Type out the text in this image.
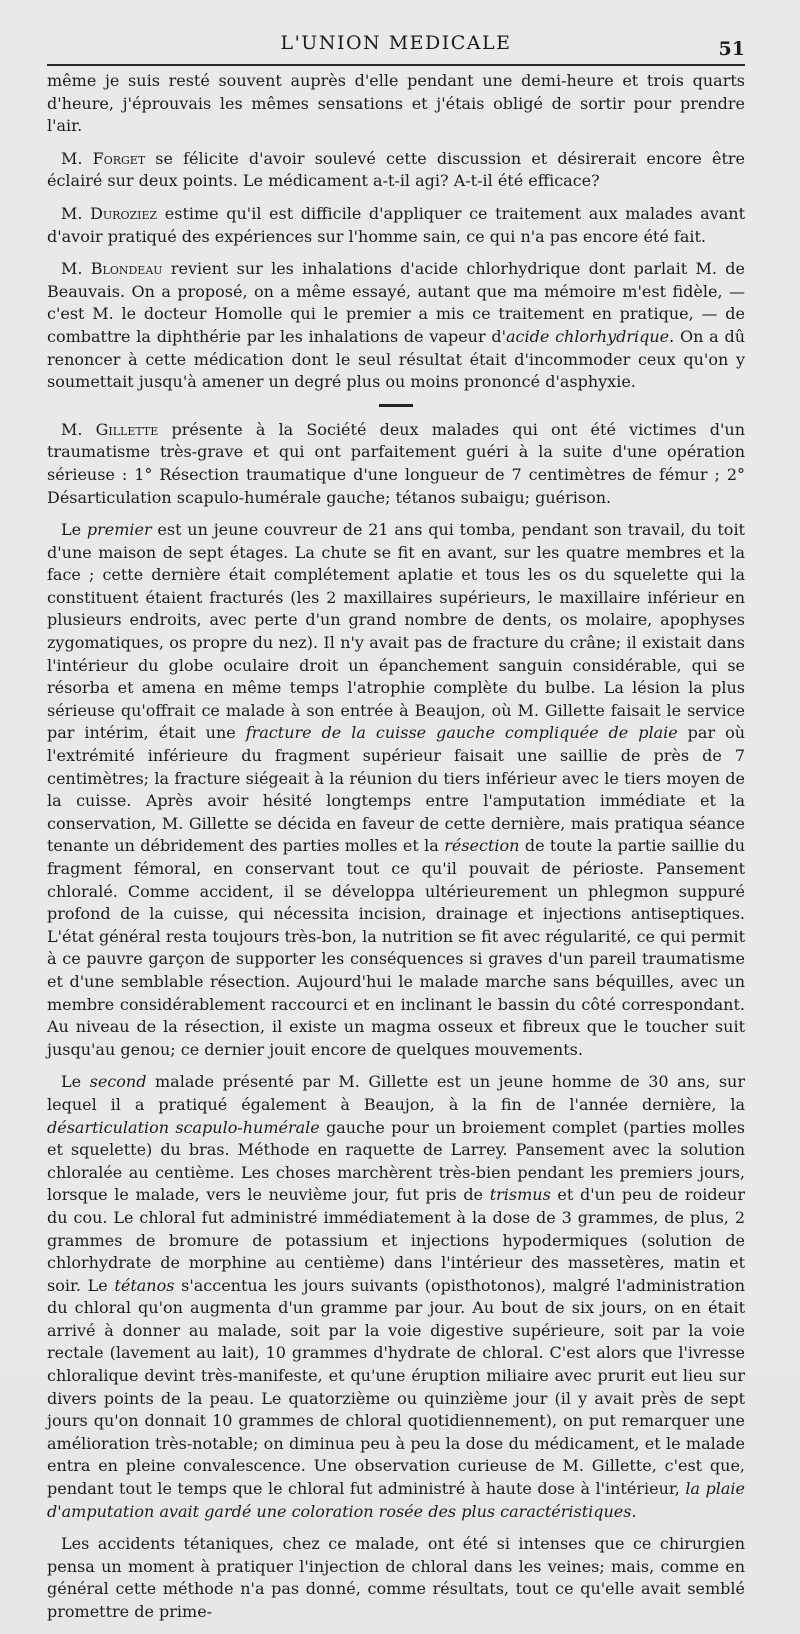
L'UNION MEDICALE	51

même je suis resté souvent auprès d'elle pendant une demi-heure et trois quarts d'heure, j'éprouvais les mêmes sensations et j'étais obligé de sortir pour prendre l'air.

M. Forget se félicite d'avoir soulevé cette discussion et désirerait encore être éclairé sur deux points. Le médicament a-t-il agi? A-t-il été efficace?

M. Duroziez estime qu'il est difficile d'appliquer ce traitement aux malades avant d'avoir pratiqué des expériences sur l'homme sain, ce qui n'a pas encore été fait.

M. Blondeau revient sur les inhalations d'acide chlorhydrique dont parlait M. de Beauvais. On a proposé, on a même essayé, autant que ma mémoire m'est fidèle, — c'est M. le docteur Homolle qui le premier a mis ce traitement en pratique, — de combattre la diphthérie par les inhalations de vapeur d'acide chlorhydrique. On a dû renoncer à cette médication dont le seul résultat était d'incommoder ceux qu'on y soumettait jusqu'à amener un degré plus ou moins prononcé d'asphyxie.

M. Gillette présente à la Société deux malades qui ont été victimes d'un traumatisme très-grave et qui ont parfaitement guéri à la suite d'une opération sérieuse : 1° Résection traumatique d'une longueur de 7 centimètres de fémur ; 2° Désarticulation scapulo-humérale gauche; tétanos subaigu; guérison.

Le premier est un jeune couvreur de 21 ans qui tomba, pendant son travail, du toit d'une maison de sept étages. La chute se fit en avant, sur les quatre membres et la face ; cette dernière était complétement aplatie et tous les os du squelette qui la constituent étaient fracturés (les 2 maxillaires supérieurs, le maxillaire inférieur en plusieurs endroits, avec perte d'un grand nombre de dents, os molaire, apophyses zygomatiques, os propre du nez). Il n'y avait pas de fracture du crâne; il existait dans l'intérieur du globe oculaire droit un épanchement sanguin considérable, qui se résorba et amena en même temps l'atrophie complète du bulbe. La lésion la plus sérieuse qu'offrait ce malade à son entrée à Beaujon, où M. Gillette faisait le service par intérim, était une fracture de la cuisse gauche compliquée de plaie par où l'extrémité inférieure du fragment supérieur faisait une saillie de près de 7 centimètres; la fracture siégeait à la réunion du tiers inférieur avec le tiers moyen de la cuisse. Après avoir hésité longtemps entre l'amputation immédiate et la conservation, M. Gillette se décida en faveur de cette dernière, mais pratiqua séance tenante un débridement des parties molles et la résection de toute la partie saillie du fragment fémoral, en conservant tout ce qu'il pouvait de périoste. Pansement chloralé. Comme accident, il se développa ultérieurement un phlegmon suppuré profond de la cuisse, qui nécessita incision, drainage et injections antiseptiques. L'état général resta toujours très-bon, la nutrition se fit avec régularité, ce qui permit à ce pauvre garçon de supporter les conséquences si graves d'un pareil traumatisme et d'une semblable résection. Aujourd'hui le malade marche sans béquilles, avec un membre considérablement raccourci et en inclinant le bassin du côté correspondant. Au niveau de la résection, il existe un magma osseux et fibreux que le toucher suit jusqu'au genou; ce dernier jouit encore de quelques mouvements.

Le second malade présenté par M. Gillette est un jeune homme de 30 ans, sur lequel il a pratiqué également à Beaujon, à la fin de l'année dernière, la désarticulation scapulo-humérale gauche pour un broiement complet (parties molles et squelette) du bras. Méthode en raquette de Larrey. Pansement avec la solution chloralée au centième. Les choses marchèrent très-bien pendant les premiers jours, lorsque le malade, vers le neuvième jour, fut pris de trismus et d'un peu de roideur du cou. Le chloral fut administré immédiatement à la dose de 3 grammes, de plus, 2 grammes de bromure de potassium et injections hypodermiques (solution de chlorhydrate de morphine au centième) dans l'intérieur des massetères, matin et soir. Le tétanos s'accentua les jours suivants (opisthotonos), malgré l'administration du chloral qu'on augmenta d'un gramme par jour. Au bout de six jours, on en était arrivé à donner au malade, soit par la voie digestive supérieure, soit par la voie rectale (lavement au lait), 10 grammes d'hydrate de chloral. C'est alors que l'ivresse chloralique devint très-manifeste, et qu'une éruption miliaire avec prurit eut lieu sur divers points de la peau. Le quatorzième ou quinzième jour (il y avait près de sept jours qu'on donnait 10 grammes de chloral quotidiennement), on put remarquer une amélioration très-notable; on diminua peu à peu la dose du médicament, et le malade entra en pleine convalescence. Une observation curieuse de M. Gillette, c'est que, pendant tout le temps que le chloral fut administré à haute dose à l'intérieur, la plaie d'amputation avait gardé une coloration rosée des plus caractéristiques.

Les accidents tétaniques, chez ce malade, ont été si intenses que ce chirurgien pensa un moment à pratiquer l'injection de chloral dans les veines; mais, comme en général cette méthode n'a pas donné, comme résultats, tout ce qu'elle avait semblé promettre de prime-
